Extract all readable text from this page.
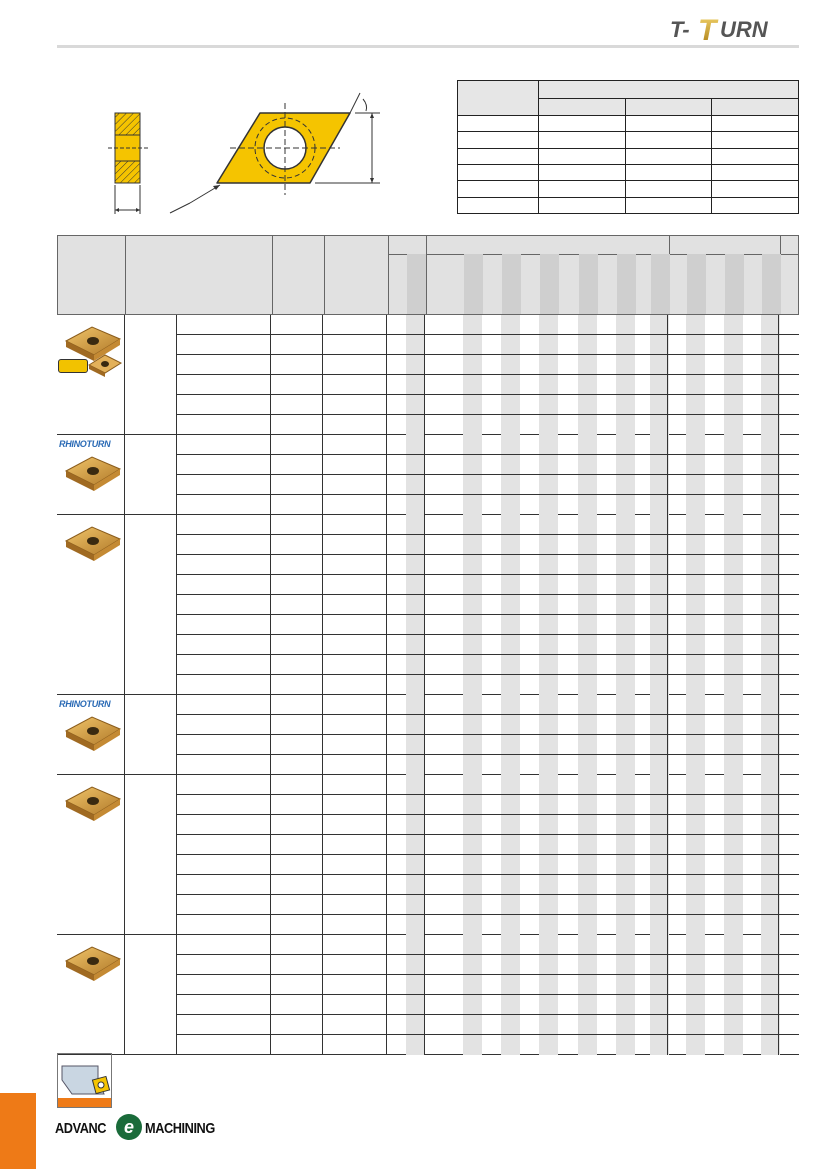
T- T URN

RHINOTURN
RHINOTURN
ADVANC e MACHINING
